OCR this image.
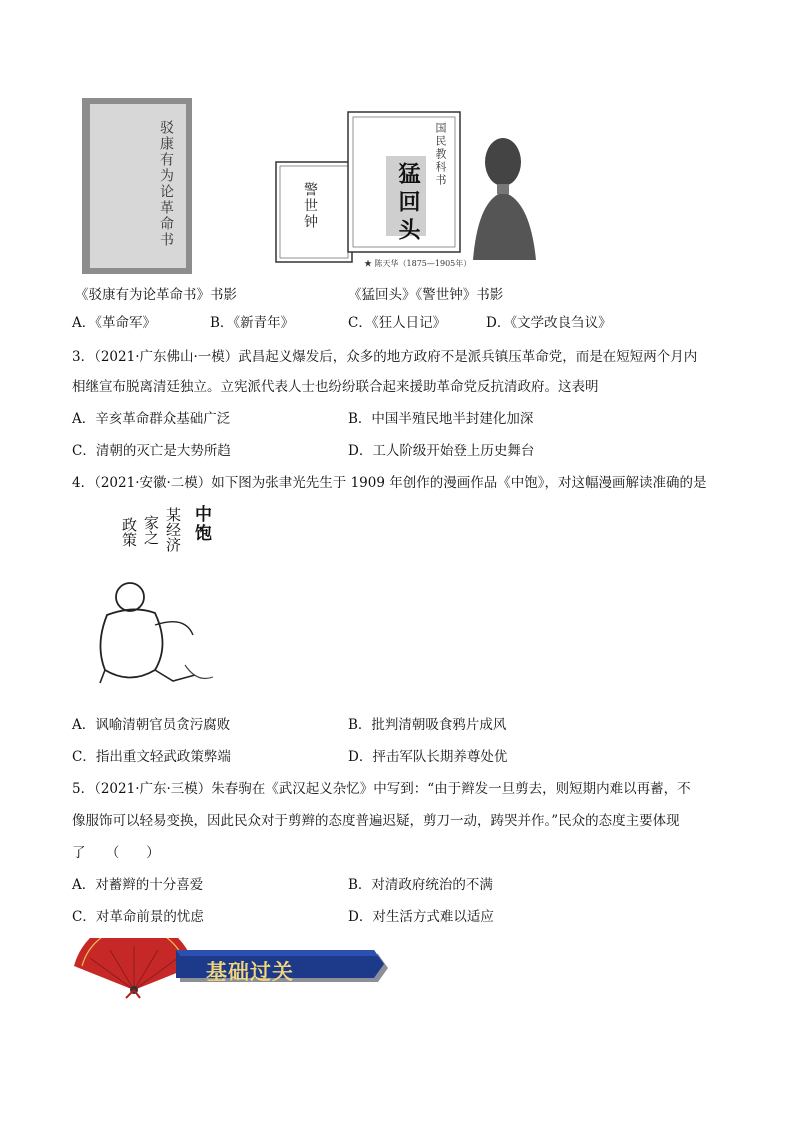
驳康有为论革命书	警世钟	猛回头
国民教科书
★ 陈天华（1875—1905年）
《驳康有为论革命书》书影	《猛回头》《警世钟》书影
A．《革命军》	B．《新青年》	C．《狂人日记》	D．《文学改良刍议》
3．（2021·广东佛山·一模）武昌起义爆发后，众多的地方政府不是派兵镇压革命党，而是在短短两个月内
相继宣布脱离清廷独立。立宪派代表人士也纷纷联合起来援助革命党反抗清政府。这表明
A．辛亥革命群众基础广泛	B．中国半殖民地半封建化加深
C．清朝的灭亡是大势所趋	D．工人阶级开始登上历史舞台
4．（2021·安徽·二模）如下图为张聿光先生于 1909 年创作的漫画作品《中饱》，对这幅漫画解读准确的是
中饱
某经济
家之
政策
A．讽喻清朝官员贪污腐败	B．批判清朝吸食鸦片成风
C．指出重文轻武政策弊端	D．抨击军队长期养尊处优
5．（2021·广东·三模）朱春驹在《武汉起义杂忆》中写到：“由于辫发一旦剪去，则短期内难以再蓄，不
像服饰可以轻易变换，因此民众对于剪辫的态度普遍迟疑，剪刀一动，踌哭并作。”民众的态度主要体现
了　　（　　）
A．对蓄辫的十分喜爱	B．对清政府统治的不满
C．对革命前景的忧虑	D．对生活方式难以适应
基础过关
